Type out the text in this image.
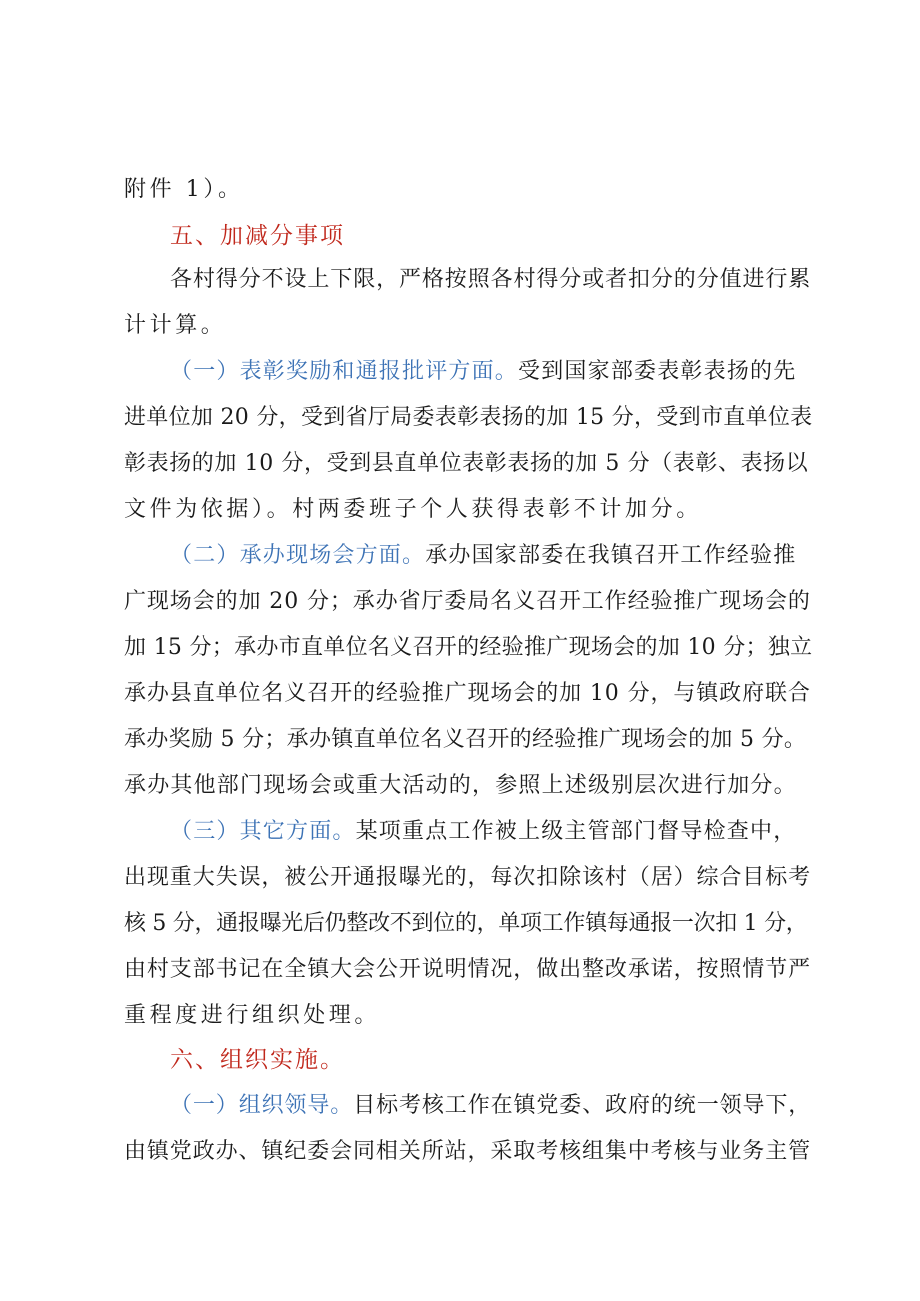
附件 1）。
五、加减分事项
各村得分不设上下限，严格按照各村得分或者扣分的分值进行累
计计算。
（一）表彰奖励和通报批评方面。受到国家部委表彰表扬的先
进单位加 20 分，受到省厅局委表彰表扬的加 15 分，受到市直单位表
彰表扬的加 10 分，受到县直单位表彰表扬的加 5 分（表彰、表扬以
文件为依据）。村两委班子个人获得表彰不计加分。
（二）承办现场会方面。承办国家部委在我镇召开工作经验推
广现场会的加 20 分；承办省厅委局名义召开工作经验推广现场会的
加 15 分；承办市直单位名义召开的经验推广现场会的加 10 分；独立
承办县直单位名义召开的经验推广现场会的加 10 分，与镇政府联合
承办奖励 5 分；承办镇直单位名义召开的经验推广现场会的加 5 分。
承办其他部门现场会或重大活动的，参照上述级别层次进行加分。
（三）其它方面。某项重点工作被上级主管部门督导检查中，
出现重大失误，被公开通报曝光的，每次扣除该村（居）综合目标考
核 5 分，通报曝光后仍整改不到位的，单项工作镇每通报一次扣 1 分，
由村支部书记在全镇大会公开说明情况，做出整改承诺，按照情节严
重程度进行组织处理。
六、组织实施。
（一）组织领导。目标考核工作在镇党委、政府的统一领导下，
由镇党政办、镇纪委会同相关所站，采取考核组集中考核与业务主管
